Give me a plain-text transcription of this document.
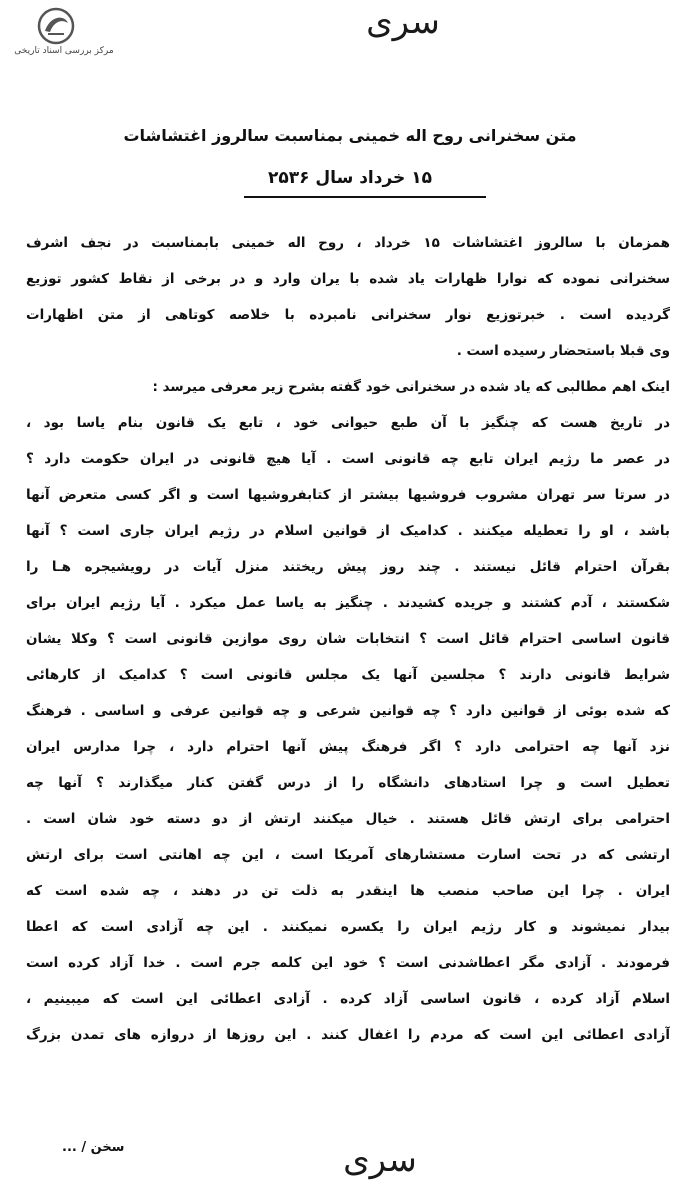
مرکز بررسی اسناد تاریخی
سری
متن سخنرانی روح اله خمینی بمناسبت سالروز اغتشاشات
۱۵ خرداد سال ۲۵۳۶
همزمان با سالروز اغتشاشات ۱۵ خرداد ، روح اله خمینی بابمناسبت در نجف اشرف
سخنرانی نموده که نوارا ظهارات یاد شده با یران وارد و در برخی از نقاط کشور توزیع
گردیده است . خبرتوزیع نوار سخنرانی نامبرده با خلاصه کوتاهی از متن اظهارات
وی قبلا باستحضار رسیده است .
اینک اهم مطالبی که یاد شده در سخنرانی خود گفته بشرح زیر معرفی میرسد :
در تاریخ هست که چنگیز با آن طبع حیوانی خود ، تابع یک قانون بنام یاسا بود ،
در عصر ما رژیم ایران تابع چه قانونی است . آیا هیچ قانونی در ایران حکومت دارد ؟
در سرتا سر تهران مشروب فروشیها بیشتر از کتابفروشیها است و اگر کسی متعرض آنها
باشد ، او را تعطیله میکنند . کدامیک از قوانین اسلام در رژیم ایران جاری است ؟ آنها
بقرآن احترام قائل نیستند . چند روز پیش ریختند منزل آیات در رویشیجره هـا را
شکستند ، آدم کشتند و جریده کشیدند . چنگیز به یاسا عمل میکرد . آیا رژیم ایران برای
قانون اساسی احترام قائل است ؟ انتخابات شان روی موازین قانونی است ؟ وکلا یشان
شرایط قانونی دارند ؟ مجلسین آنها یک مجلس قانونی است ؟ کدامیک از کارهائی
که شده بوئی از قوانین دارد ؟ چه قوانین شرعی و چه قوانین عرفی و اساسی . فرهنگ
نزد آنها چه احترامی دارد ؟ اگر فرهنگ پیش آنها احترام دارد ، چرا مدارس ایران
تعطیل است و چرا استادهای دانشگاه را از درس گفتن کنار میگذارند ؟ آنها چه
احترامی برای ارتش قائل هستند . خیال میکنند ارتش از دو دسته خود شان است .
ارتشی که در تحت اسارت مستشارهای آمریکا است ، این چه اهانتی است برای ارتش
ایران . چرا این صاحب منصب ها اینقدر به ذلت تن در دهند ، چه شده است که
بیدار نمیشوند و کار رژیم ایران را یکسره نمیکنند . این چه آزادی است که اعطا
فرمودند . آزادی مگر اعطاشدنی است ؟ خود این کلمه جرم است . خدا آزاد کرده است
اسلام آزاد کرده ، قانون اساسی آزاد کرده . آزادی اعطائی این است که میبینیم ،
آزادی اعطائی این است که مردم را اغفال کنند . این روزها از دروازه های تمدن بزرگ
سخن / ...	سری
